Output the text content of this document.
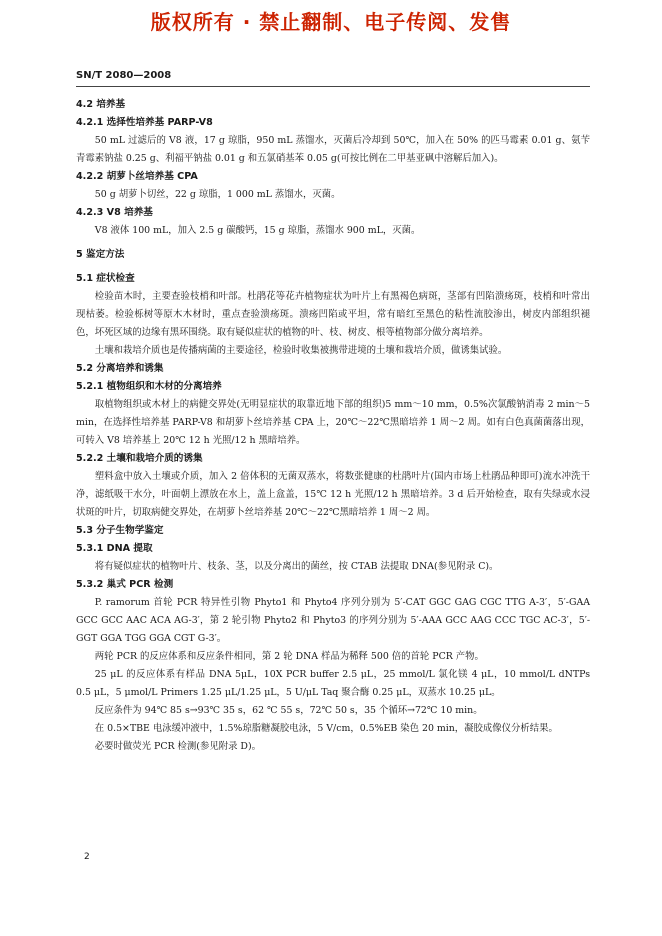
版权所有 · 禁止翻制、电子传阅、发售
SN/T 2080—2008
4.2 培养基
4.2.1 选择性培养基 PARP-V8
50 mL 过滤后的 V8 液，17 g 琼脂，950 mL 蒸馏水，灭菌后冷却到 50℃，加入在 50% 的匹马霉素 0.01 g、氨苄青霉素钠盐 0.25 g、利福平钠盐 0.01 g 和五氯硝基苯 0.05 g(可按比例在二甲基亚砜中溶解后加入)。
4.2.2 胡萝卜丝培养基 CPA
50 g 胡萝卜切丝，22 g 琼脂，1 000 mL 蒸馏水，灭菌。
4.2.3 V8 培养基
V8 液体 100 mL，加入 2.5 g 碳酸钙，15 g 琼脂，蒸馏水 900 mL，灭菌。
5 鉴定方法
5.1 症状检查
检验苗木时，主要查验枝梢和叶部。杜鹃花等花卉植物症状为叶片上有黑褐色病斑，茎部有凹陷溃疡斑，枝梢和叶常出现枯萎。检验栎树等原木木材时，重点查验溃疡斑。溃疡凹陷或平坦，常有暗红至黑色的粘性流胶渗出，树皮内部组织褪色，坏死区域的边缘有黑环围绕。取有疑似症状的植物的叶、枝、树皮、根等植物部分做分离培养。
土壤和栽培介质也是传播病菌的主要途径，检验时收集被携带进境的土壤和栽培介质，做诱集试验。
5.2 分离培养和诱集
5.2.1 植物组织和木材的分离培养
取植物组织或木材上的病健交界处(无明显症状的取靠近地下部的组织)5 mm～10 mm，0.5%次氯酸钠消毒 2 min～5 min，在选择性培养基 PARP-V8 和胡萝卜丝培养基 CPA 上，20℃～22℃黑暗培养 1 周～2 周。如有白色真菌菌落出现，可转入 V8 培养基上 20℃ 12 h 光照/12 h 黑暗培养。
5.2.2 土壤和栽培介质的诱集
塑料盒中放入土壤或介质，加入 2 倍体积的无菌双蒸水，将数张健康的杜鹃叶片(国内市场上杜鹃品种即可)流水冲洗干净，滤纸吸干水分，叶面朝上漂放在水上，盖上盒盖，15℃ 12 h 光照/12 h 黑暗培养。3 d 后开始检查，取有失绿或水浸状斑的叶片，切取病健交界处，在胡萝卜丝培养基 20℃～22℃黑暗培养 1 周～2 周。
5.3 分子生物学鉴定
5.3.1 DNA 提取
将有疑似症状的植物叶片、枝条、茎，以及分离出的菌丝，按 CTAB 法提取 DNA(参见附录 C)。
5.3.2 巢式 PCR 检测
P. ramorum 首轮 PCR 特异性引物 Phyto1 和 Phyto4 序列分别为 5′-CAT GGC GAG CGC TTG A-3′，5′-GAA GCC GCC AAC ACA AG-3′，第 2 轮引物 Phyto2 和 Phyto3 的序列分别为 5′-AAA GCC AAG CCC TGC AC-3′，5′-GGT GGA TGG GGA CGT G-3′。
两轮 PCR 的反应体系和反应条件相同，第 2 轮 DNA 样品为稀释 500 倍的首轮 PCR 产物。
25 μL 的反应体系有样品 DNA 5μL，10X PCR buffer 2.5 μL，25 mmol/L 氯化镁 4 μL，10 mmol/L dNTPs 0.5 μL，5 μmol/L Primers 1.25 μL/1.25 μL，5 U/μL Taq 聚合酶 0.25 μL，双蒸水 10.25 μL。
反应条件为 94℃ 85 s→93℃ 35 s，62 ℃ 55 s，72℃ 50 s，35 个循环→72℃ 10 min。
在 0.5×TBE 电泳缓冲液中，1.5%琼脂糖凝胶电泳，5 V/cm，0.5%EB 染色 20 min，凝胶成像仪分析结果。
必要时做荧光 PCR 检测(参见附录 D)。
2
